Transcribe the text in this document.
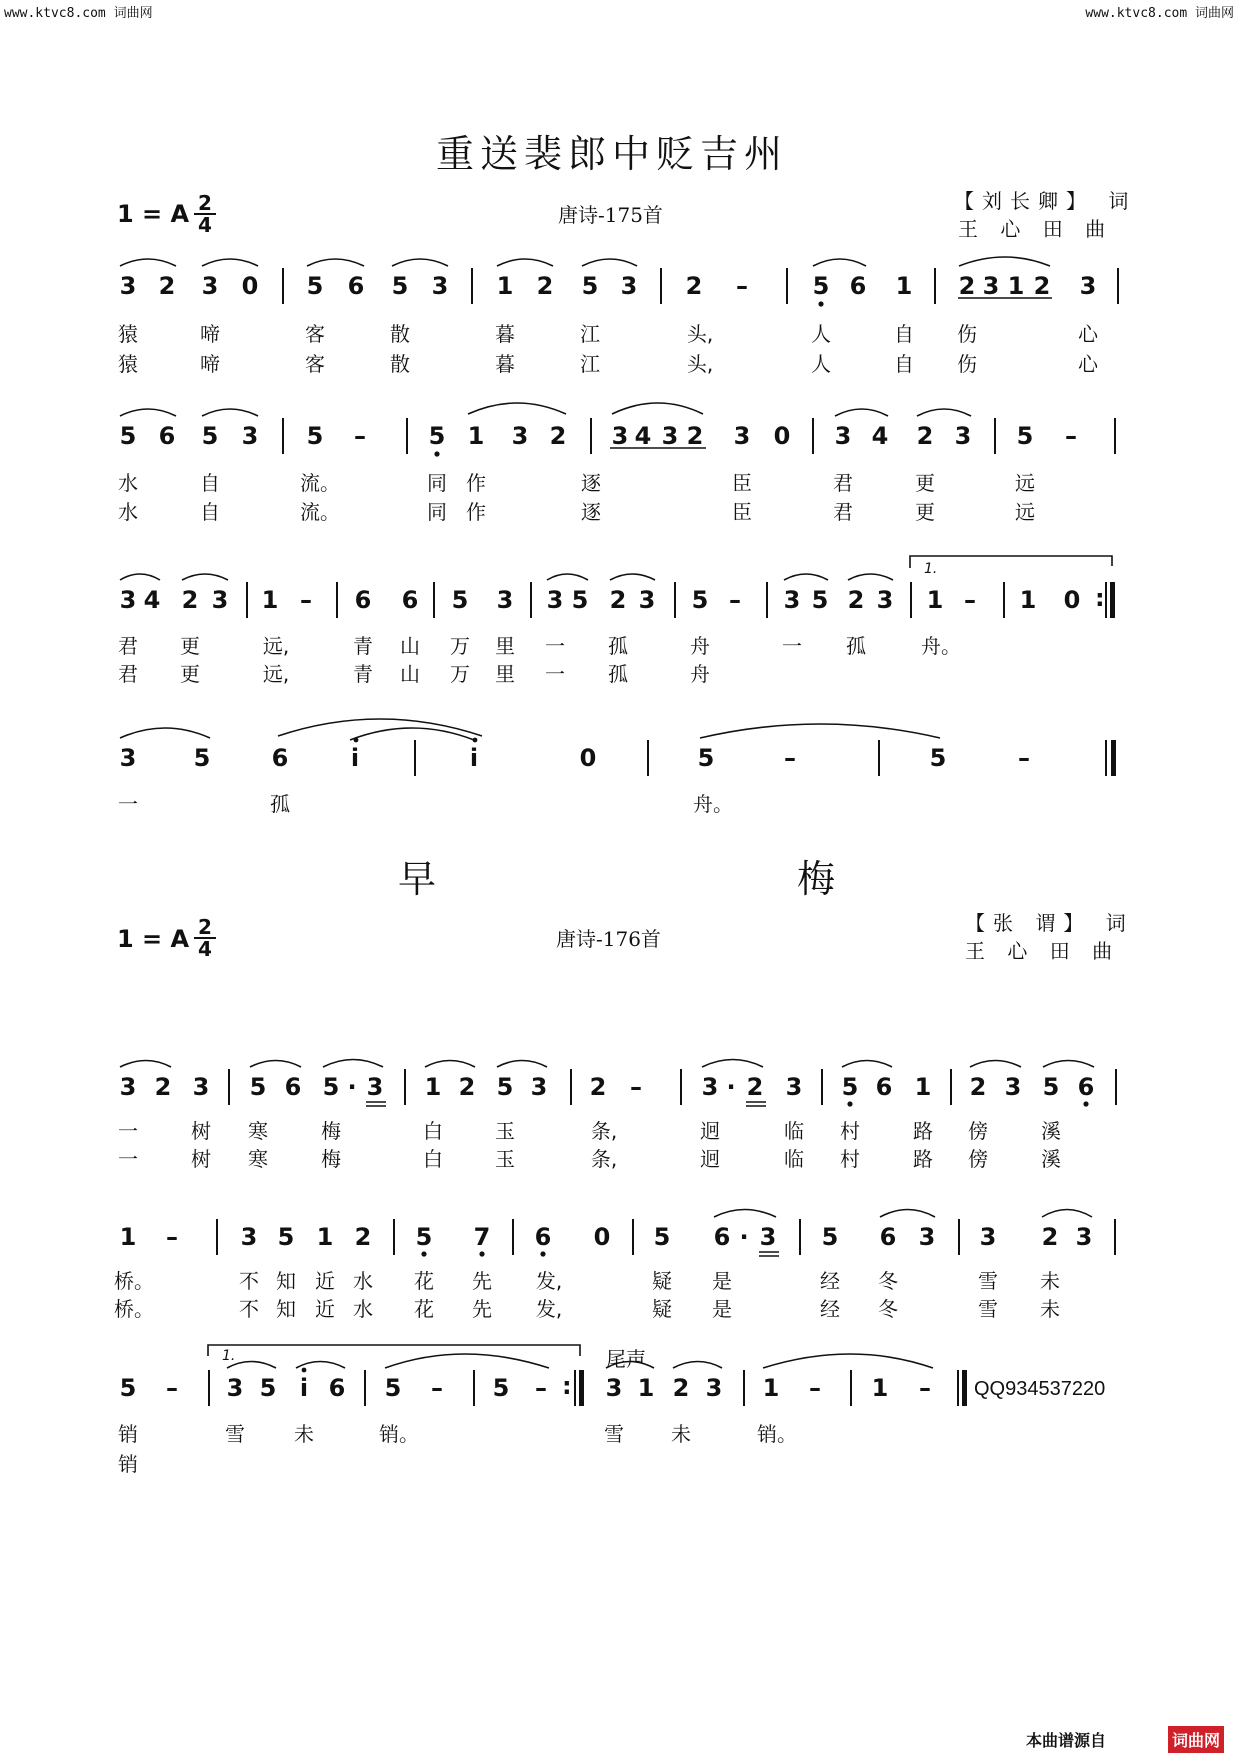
www.ktvc8.com 词曲网	www.ktvc8.com 词曲网
重送裴郎中贬吉州
1 = A 2
4	唐诗-175首
【刘长卿】 词
王 心 田 曲
3 2 3 0 5 6 5 3 1 2 5 3 2 –	5 6 1 2 3 1 2 3
猿	啼	客	散	暮	江	头,	人	自 伤	心
猿	啼	客	散	暮	江	头,	人	自 伤	心
5 6 5 3 5 –	5 1 3 2 3 4 3 2 3 0 3 4 2 3 5 –
水	自	流。	同 作	逐	臣	君	更	远
水	自	流。	同 作	逐	臣	君	更	远
3 4 2 3 1 – 6 6 5 3 3 5 2 3 5 – 3 5 2 3
1.
1 – 1 0 :
君 更	远,	青 山 万 里 一 孤	舟	一 孤	舟。
君 更	远,	青 山 万 里 一 孤	舟
3 5	6	i	i	0	5	–	5	–
一	孤	舟。
早	梅
1 = A 2
4	唐诗-176首
【张 谓】 词
王 心 田 曲
3 2 3 5 6 5 · 3 1 2 5 3 2 – 3 · 2 3 5 6 1 2 3 5 6
一	树 寒	梅	白	玉	条,	迥	临 村	路 傍	溪
一	树 寒	梅	白	玉	条,	迥	临 村	路 傍	溪
1 –	3 5 1 2 5 7 6 0 5 6 · 3 5 6 3 3 2 3
桥。	不 知 近 水 花 先 发,	疑 是	经 冬	雪 未
桥。	不 知 近 水 花 先 发,	疑 是	经 冬	雪 未
5 –
1.
3 5 i 6 5 – 5 – :
尾声
3 1 2 3 1 – 1 – QQ934537220
销	雪 未	销。	雪 未	销。
销
本曲谱源自	词曲网
